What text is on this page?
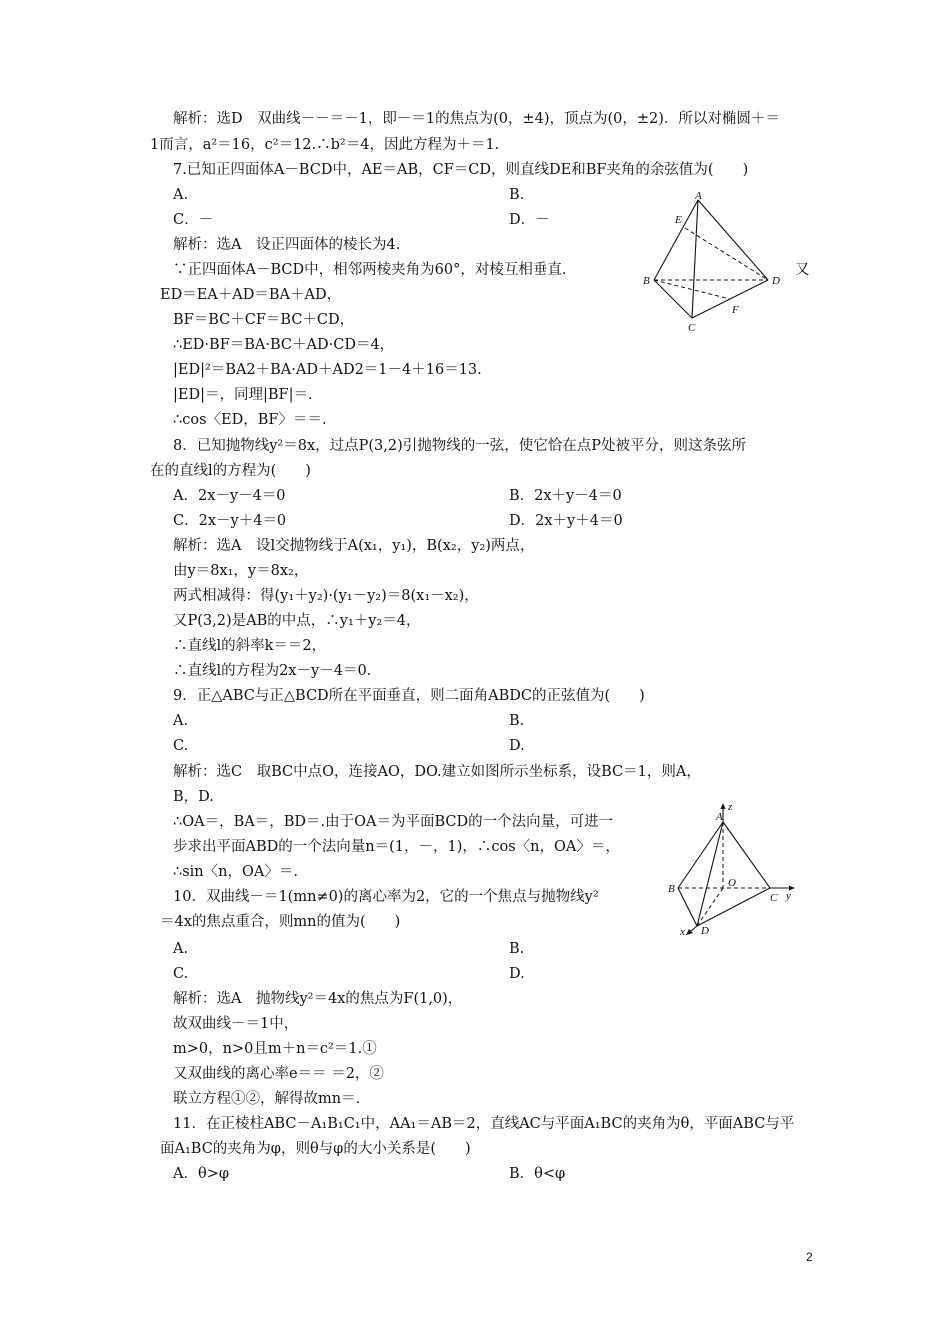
解析：选D　双曲线－－＝－1，即－＝1的焦点为(0，±4)，顶点为(0，±2)．所以对椭圆＋＝
1而言，a²＝16，c²＝12.∴b²＝4，因此方程为＋＝1.
7.已知正四面体A－BCD中，AE＝AB，CF＝CD，则直线DE和BF夹角的余弦值为(　　)
A.	B.
C．－	D．－
解析：选A　设正四面体的棱长为4.
∵正四面体A－BCD中，相邻两棱夹角为60°，对棱互相垂直.	又
ED＝EA＋AD＝BA＋AD，
BF＝BC＋CF＝BC＋CD，
∴ED·BF＝BA·BC＋AD·CD＝4，
|ED|²＝BA2＋BA·AD＋AD2＝1－4＋16＝13.
|ED|＝，同理|BF|＝.
∴cos〈ED，BF〉＝＝.
8．已知抛物线y²＝8x，过点P(3,2)引抛物线的一弦，使它恰在点P处被平分，则这条弦所
在的直线l的方程为(　　)
A．2x－y－4＝0	B．2x＋y－4＝0
C．2x－y＋4＝0	D．2x＋y＋4＝0
解析：选A　设l交抛物线于A(x₁，y₁)，B(x₂，y₂)两点，
由y＝8x₁，y＝8x₂，
两式相减得：得(y₁＋y₂)·(y₁－y₂)＝8(x₁－x₂)，
又P(3,2)是AB的中点，∴y₁＋y₂＝4，
∴直线l的斜率k＝＝2，
∴直线l的方程为2x－y－4＝0.
9．正△ABC与正△BCD所在平面垂直，则二面角ABDC的正弦值为(　　)
A.	B.
C.	D.
解析：选C　取BC中点O，连接AO，DO.建立如图所示坐标系，设BC＝1，则A，
B，D.
∴OA＝，BA＝，BD＝.由于OA＝为平面BCD的一个法向量，可进一
步求出平面ABD的一个法向量n＝(1，－，1)，∴cos〈n，OA〉＝，
∴sin〈n，OA〉＝.
10．双曲线－＝1(mn≠0)的离心率为2，它的一个焦点与抛物线y²
＝4x的焦点重合，则mn的值为(　　)
A.	B.
C.	D.
解析：选A　抛物线y²＝4x的焦点为F(1,0)，
故双曲线－＝1中，
m>0，n>0且m＋n＝c²＝1.①
又双曲线的离心率e＝＝ ＝2，②
联立方程①②，解得故mn＝.
11．在正棱柱ABC－A₁B₁C₁中，AA₁＝AB＝2，直线AC与平面A₁BC的夹角为θ，平面ABC与平
面A₁BC的夹角为φ，则θ与φ的大小关系是(　　)
A．θ>φ	B．θ<φ
A
E
B	D
C
F
z
A
O
B
C y
x D
2
